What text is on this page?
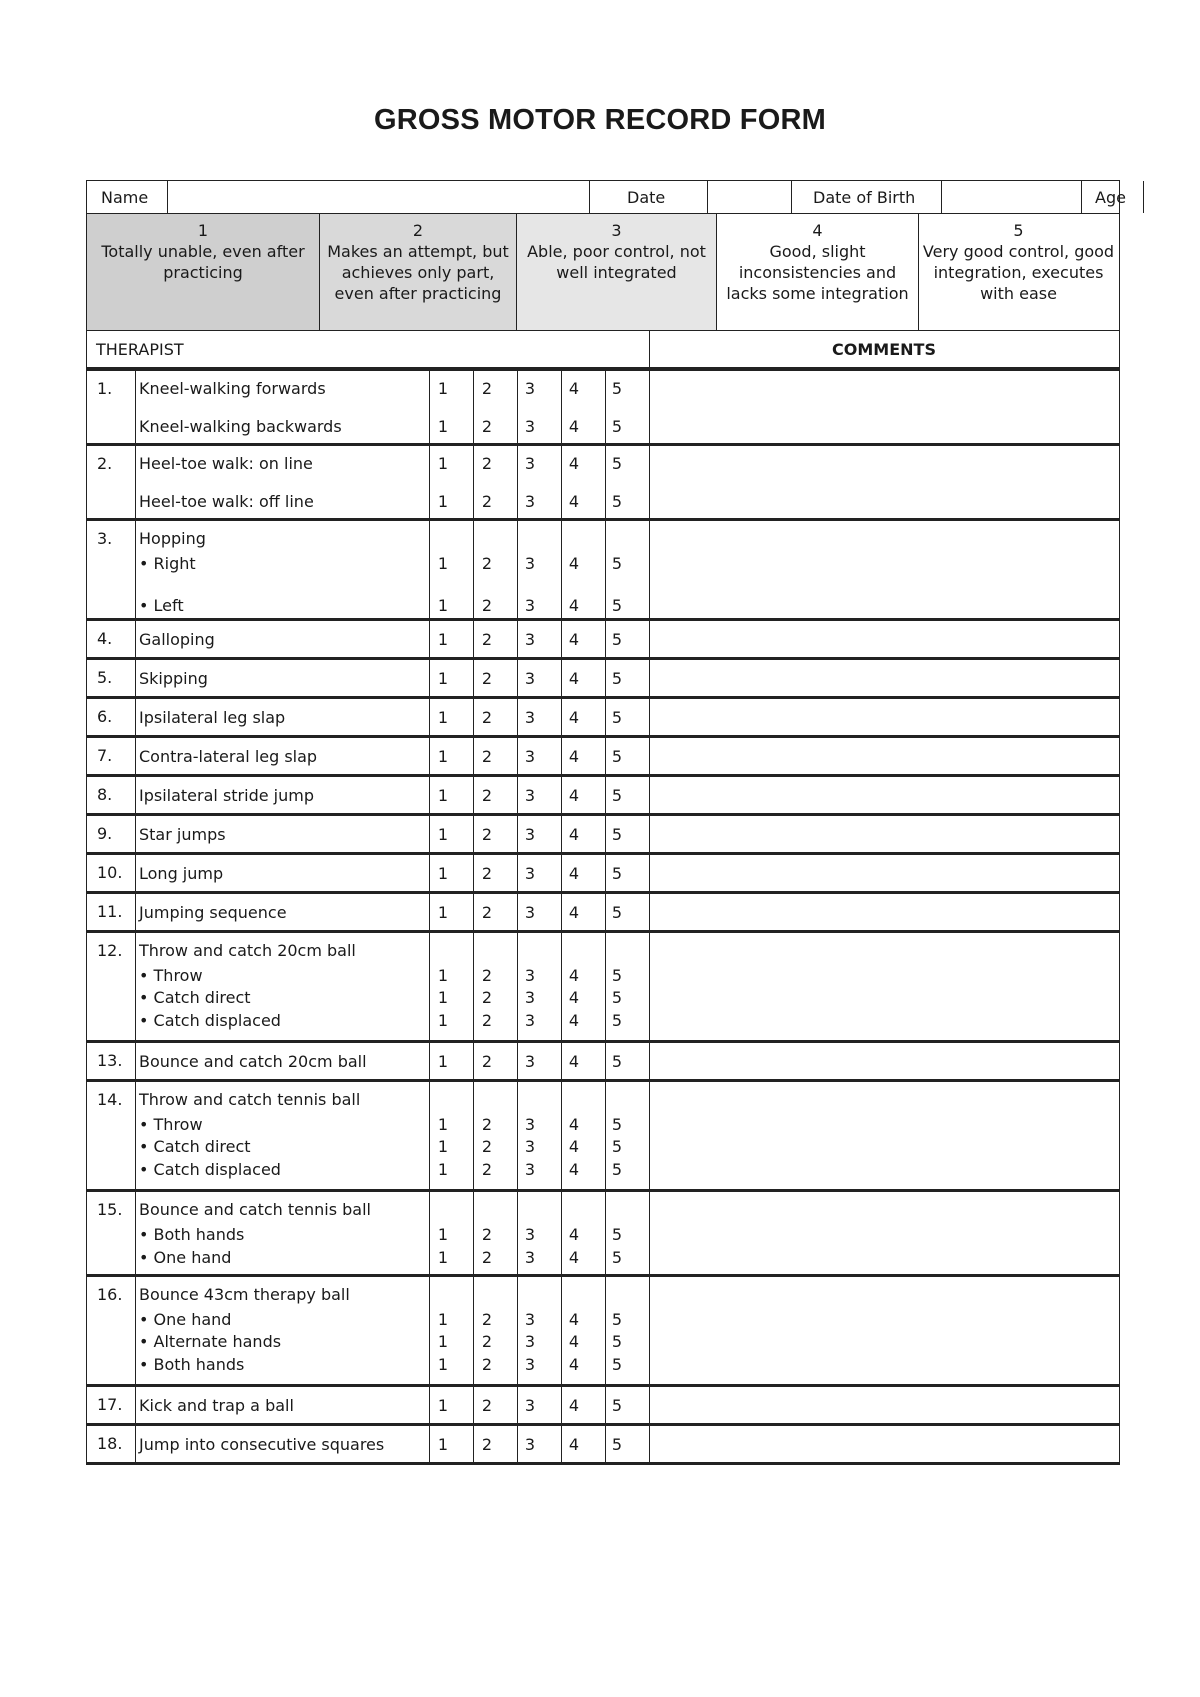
GROSS MOTOR RECORD FORM
Name	Date	Date of Birth	Age
1
Totally unable, even after practicing
2
Makes an attempt, but achieves only part, even after practicing
3
Able, poor control, not well integrated
4
Good, slight inconsistencies and lacks some integration
5
Very good control, good integration, executes with ease
THERAPIST	COMMENTS
1. Kneel-walking forwards	1 2 3 4 5
Kneel-walking backwards	1 2 3 4 5
2. Heel-toe walk: on line	1 2 3 4 5
Heel-toe walk: off line	1 2 3 4 5
3. Hopping
• Right	1 2 3 4 5
• Left	1 2 3 4 5
4. Galloping	1 2 3 4 5
5. Skipping	1 2 3 4 5
6. Ipsilateral leg slap	1 2 3 4 5
7. Contra-lateral leg slap	1 2 3 4 5
8. Ipsilateral stride jump	1 2 3 4 5
9. Star jumps	1 2 3 4 5
10. Long jump	1 2 3 4 5
11. Jumping sequence	1 2 3 4 5
12. Throw and catch 20cm ball
• Throw	1 2 3 4 5
• Catch direct	1 2 3 4 5
• Catch displaced	1 2 3 4 5
13. Bounce and catch 20cm ball	1 2 3 4 5
14. Throw and catch tennis ball
• Throw	1 2 3 4 5
• Catch direct	1 2 3 4 5
• Catch displaced	1 2 3 4 5
15. Bounce and catch tennis ball
• Both hands	1 2 3 4 5
• One hand	1 2 3 4 5
16. Bounce 43cm therapy ball
• One hand	1 2 3 4 5
• Alternate hands	1 2 3 4 5
• Both hands	1 2 3 4 5
17. Kick and trap a ball	1 2 3 4 5
18. Jump into consecutive squares	1 2 3 4 5
